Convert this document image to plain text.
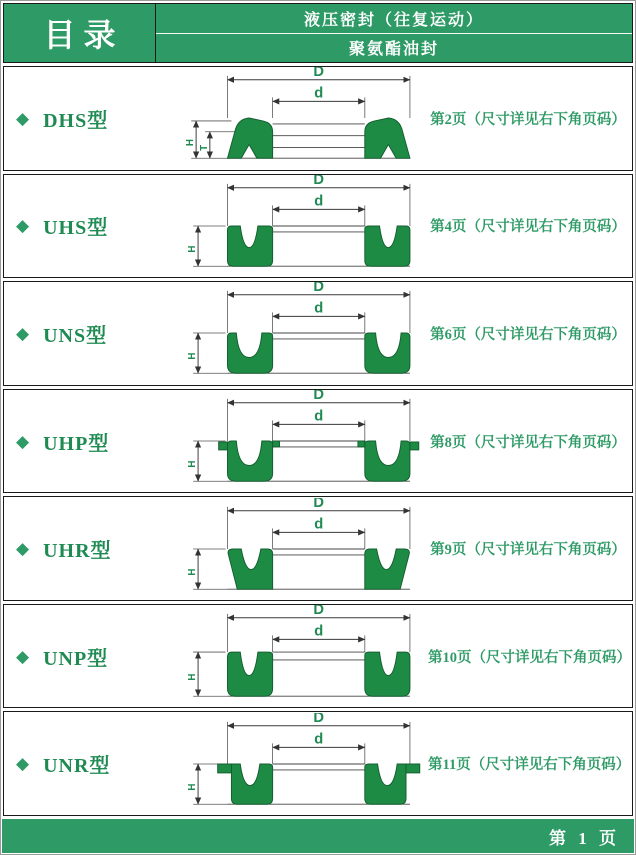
目录	液压密封（往复运动）
聚氨酯油封
◆ DHS型
D
d
H
T
第2页（尺寸详见右下角页码）
◆ UHS型
D
d
H
第4页（尺寸详见右下角页码）
◆ UNS型
D
d
H
第6页（尺寸详见右下角页码）
◆ UHP型
D
d
H
第8页（尺寸详见右下角页码）
◆ UHR型
D
d
H
第9页（尺寸详见右下角页码）
◆ UNP型
D
d
H
第10页（尺寸详见右下角页码）
◆ UNR型
D
d
H
第11页（尺寸详见右下角页码）
第 1 页
